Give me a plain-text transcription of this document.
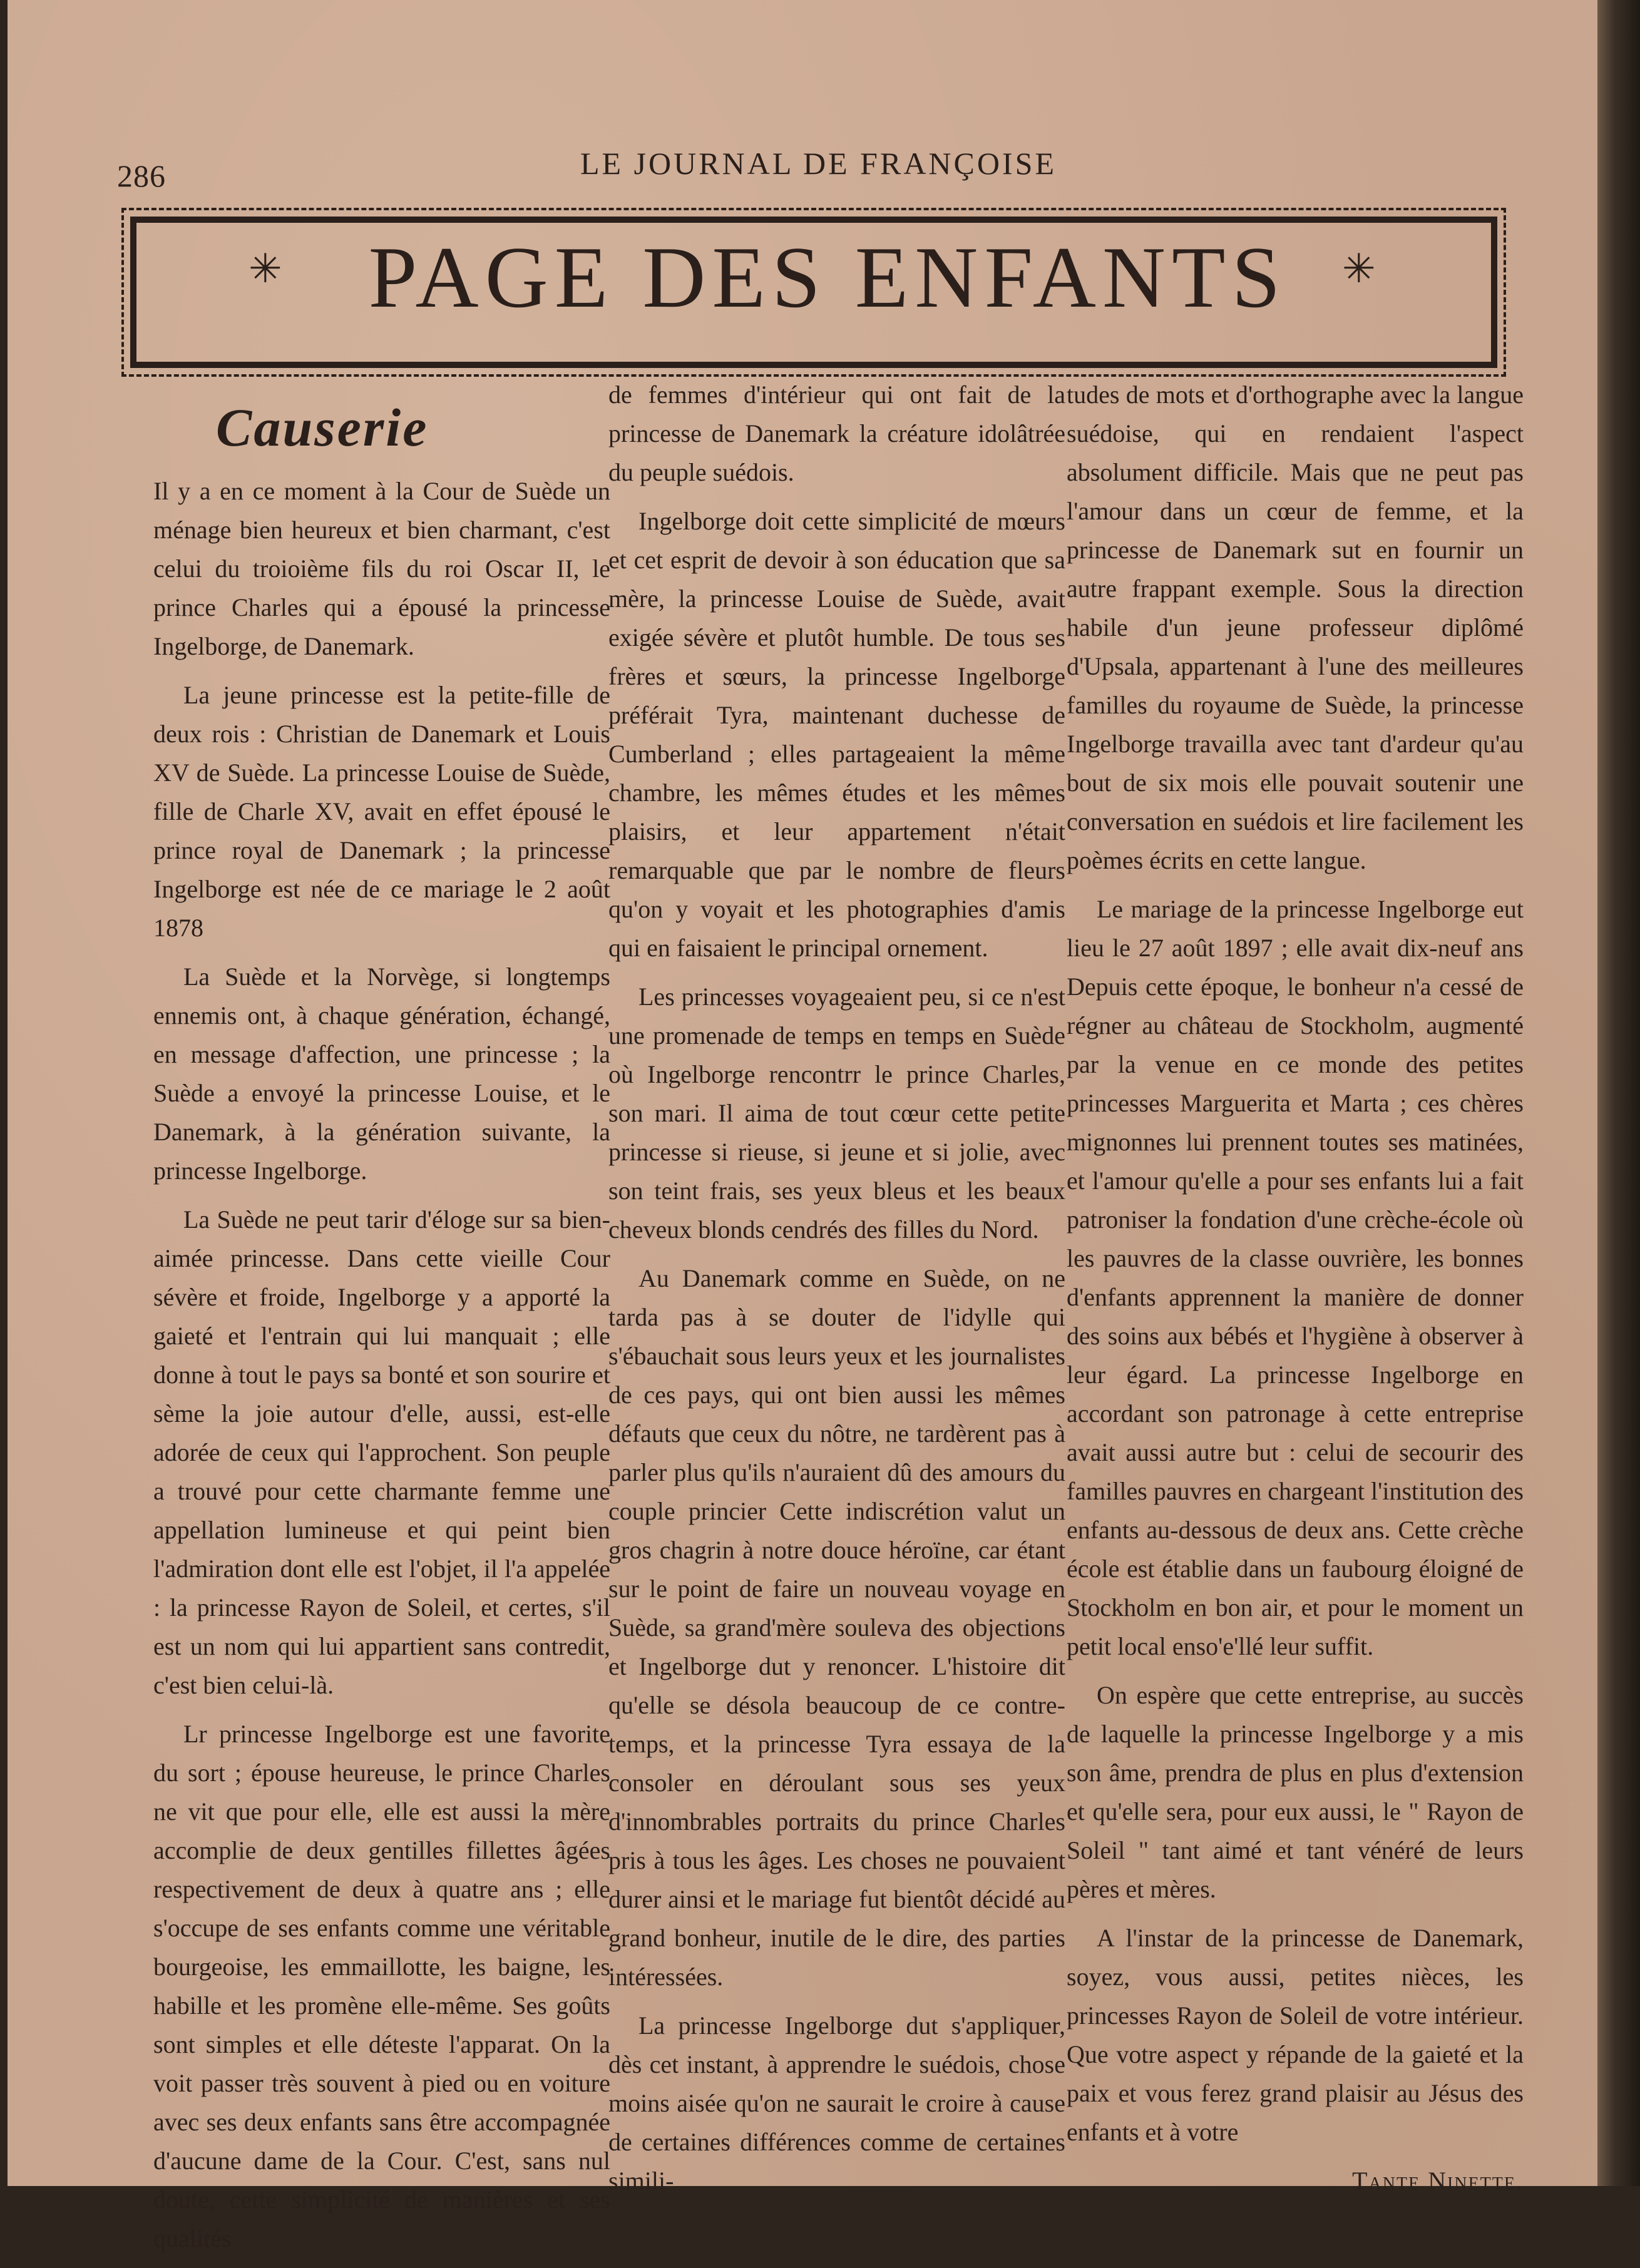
286	LE JOURNAL DE FRANÇOISE
✳ PAGE DES ENFANTS	✳
Causerie

Il y a en ce moment à la Cour de Suède un ménage bien heureux et bien charmant, c'est celui du troioième fils du roi Oscar II, le prince Charles qui a épousé la princesse Ingelborge, de Danemark.

La jeune princesse est la petite-fille de deux rois : Christian de Danemark et Louis XV de Suède. La princesse Louise de Suède, fille de Charle XV, avait en effet épousé le prince royal de Danemark ; la princesse Ingelborge est née de ce mariage le 2 août 1878

La Suède et la Norvège, si longtemps ennemis ont, à chaque génération, échangé, en message d'affection, une princesse ; la Suède a envoyé la princesse Louise, et le Danemark, à la génération suivante, la princesse Ingelborge.

La Suède ne peut tarir d'éloge sur sa bien-aimée princesse. Dans cette vieille Cour sévère et froide, Ingelborge y a apporté la gaieté et l'entrain qui lui manquait ; elle donne à tout le pays sa bonté et son sourire et sème la joie autour d'elle, aussi, est-elle adorée de ceux qui l'approchent. Son peuple a trouvé pour cette charmante femme une appellation lumineuse et qui peint bien l'admiration dont elle est l'objet, il l'a appelée : la princesse Rayon de Soleil, et certes, s'il est un nom qui lui appartient sans contredit, c'est bien celui-là.

Lr princesse Ingelborge est une favorite du sort ; épouse heureuse, le prince Charles ne vit que pour elle, elle est aussi la mère accomplie de deux gentilles fillettes âgées respectivement de deux à quatre ans ; elle s'occupe de ses enfants comme une véritable bourgeoise, les emmaillotte, les baigne, les habille et les promène elle-même. Ses goûts sont simples et elle déteste l'apparat. On la voit passer très souvent à pied ou en voiture avec ses deux enfants sans être accompagnée d'aucune dame de la Cour. C'est, sans nul doute, cette simplicité de manières et ses qualités

de femmes d'intérieur qui ont fait de la princesse de Danemark la créature idolâtrée du peuple suédois.

Ingelborge doit cette simplicité de mœurs et cet esprit de devoir à son éducation que sa mère, la princesse Louise de Suède, avait exigée sévère et plutôt humble. De tous ses frères et sœurs, la princesse Ingelborge préférait Tyra, maintenant duchesse de Cumberland ; elles partageaient la même chambre, les mêmes études et les mêmes plaisirs, et leur appartement n'était remarquable que par le nombre de fleurs qu'on y voyait et les photographies d'amis qui en faisaient le principal ornement.

Les princesses voyageaient peu, si ce n'est une promenade de temps en temps en Suède où Ingelborge rencontrr le prince Charles, son mari. Il aima de tout cœur cette petite princesse si rieuse, si jeune et si jolie, avec son teint frais, ses yeux bleus et les beaux cheveux blonds cendrés des filles du Nord.

Au Danemark comme en Suède, on ne tarda pas à se douter de l'idylle qui s'ébauchait sous leurs yeux et les journalistes de ces pays, qui ont bien aussi les mêmes défauts que ceux du nôtre, ne tardèrent pas à parler plus qu'ils n'auraient dû des amours du couple princier Cette indiscrétion valut un gros chagrin à notre douce héroïne, car étant sur le point de faire un nouveau voyage en Suède, sa grand'mère souleva des objections et Ingelborge dut y renoncer. L'histoire dit qu'elle se désola beaucoup de ce contre-temps, et la princesse Tyra essaya de la consoler en déroulant sous ses yeux d'innombrables portraits du prince Charles pris à tous les âges. Les choses ne pouvaient durer ainsi et le mariage fut bientôt décidé au grand bonheur, inutile de le dire, des parties intéressées.

La princesse Ingelborge dut s'appliquer, dès cet instant, à apprendre le suédois, chose moins aisée qu'on ne saurait le croire à cause de certaines différences comme de certaines simili-

tudes de mots et d'orthographe avec la langue suédoise, qui en rendaient l'aspect absolument difficile. Mais que ne peut pas l'amour dans un cœur de femme, et la princesse de Danemark sut en fournir un autre frappant exemple. Sous la direction habile d'un jeune professeur diplômé d'Upsala, appartenant à l'une des meilleures familles du royaume de Suède, la princesse Ingelborge travailla avec tant d'ardeur qu'au bout de six mois elle pouvait soutenir une conversation en suédois et lire facilement les poèmes écrits en cette langue.

Le mariage de la princesse Ingelborge eut lieu le 27 août 1897 ; elle avait dix-neuf ans Depuis cette époque, le bonheur n'a cessé de régner au château de Stockholm, augmenté par la venue en ce monde des petites princesses Marguerita et Marta ; ces chères mignonnes lui prennent toutes ses matinées, et l'amour qu'elle a pour ses enfants lui a fait patroniser la fondation d'une crèche-école où les pauvres de la classe ouvrière, les bonnes d'enfants apprennent la manière de donner des soins aux bébés et l'hygiène à observer à leur égard. La princesse Ingelborge en accordant son patronage à cette entreprise avait aussi autre but : celui de secourir des familles pauvres en chargeant l'institution des enfants au-dessous de deux ans. Cette crèche école est établie dans un faubourg éloigné de Stockholm en bon air, et pour le moment un petit local enso'e'llé leur suffit.

On espère que cette entreprise, au succès de laquelle la princesse Ingelborge y a mis son âme, prendra de plus en plus d'extension et qu'elle sera, pour eux aussi, le " Rayon de Soleil " tant aimé et tant vénéré de leurs pères et mères.

A l'instar de la princesse de Danemark, soyez, vous aussi, petites nièces, les princesses Rayon de Soleil de votre intérieur. Que votre aspect y répande de la gaieté et la paix et vous ferez grand plaisir au Jésus des enfants et à votre

Tante Ninette.
